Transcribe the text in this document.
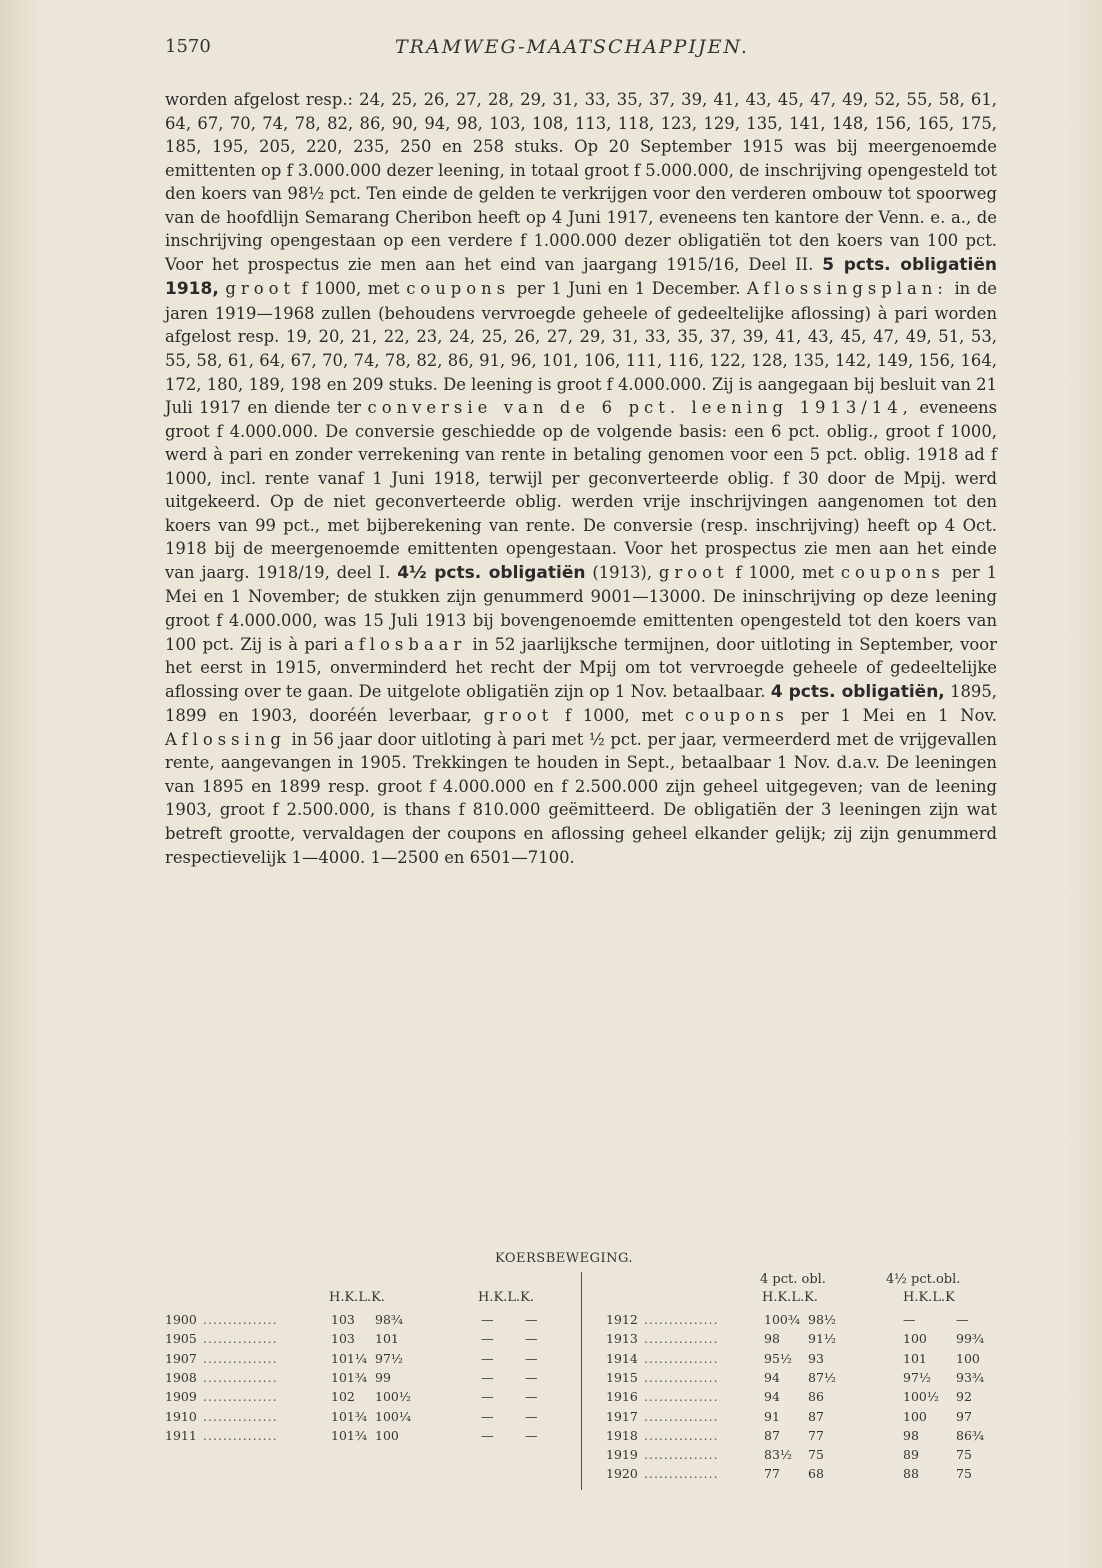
1570	TRAMWEG-MAATSCHAPPIJEN.

worden afgelost resp.: 24, 25, 26, 27, 28, 29, 31, 33, 35, 37, 39, 41, 43, 45, 47, 49, 52, 55, 58, 61, 64, 67, 70, 74, 78, 82, 86, 90, 94, 98, 103, 108, 113, 118, 123, 129, 135, 141, 148, 156, 165, 175, 185, 195, 205, 220, 235, 250 en 258 stuks. Op 20 September 1915 was bij meergenoemde emittenten op f 3.000.000 dezer leening, in totaal groot f 5.000.000, de inschrijving opengesteld tot den koers van 98½ pct. Ten einde de gelden te verkrijgen voor den verderen ombouw tot spoorweg van de hoofdlijn Semarang Cheribon heeft op 4 Juni 1917, eveneens ten kantore der Venn. e. a., de inschrijving opengestaan op een verdere f 1.000.000 dezer obligatiën tot den koers van 100 pct. Voor het prospectus zie men aan het eind van jaargang 1915/16, Deel II. 5 pcts. obligatiën 1918, groot f 1000, met coupons per 1 Juni en 1 December. Aflossingsplan: in de jaren 1919—1968 zullen (behoudens vervroegde geheele of gedeeltelijke aflossing) à pari worden afgelost resp. 19, 20, 21, 22, 23, 24, 25, 26, 27, 29, 31, 33, 35, 37, 39, 41, 43, 45, 47, 49, 51, 53, 55, 58, 61, 64, 67, 70, 74, 78, 82, 86, 91, 96, 101, 106, 111, 116, 122, 128, 135, 142, 149, 156, 164, 172, 180, 189, 198 en 209 stuks. De leening is groot f 4.000.000. Zij is aangegaan bij besluit van 21 Juli 1917 en diende ter conversie van de 6 pct. leening 1913/14, eveneens groot f 4.000.000. De conversie geschiedde op de volgende basis: een 6 pct. oblig., groot f 1000, werd à pari en zonder verrekening van rente in betaling genomen voor een 5 pct. oblig. 1918 ad f 1000, incl. rente vanaf 1 Juni 1918, terwijl per geconverteerde oblig. f 30 door de Mpij. werd uitgekeerd. Op de niet geconverteerde oblig. werden vrije inschrijvingen aangenomen tot den koers van 99 pct., met bijberekening van rente. De conversie (resp. inschrijving) heeft op 4 Oct. 1918 bij de meergenoemde emittenten opengestaan. Voor het prospectus zie men aan het einde van jaarg. 1918/19, deel I. 4½ pcts. obligatiën (1913), groot f 1000, met coupons per 1 Mei en 1 November; de stukken zijn genummerd 9001—13000. De ininschrijving op deze leening groot f 4.000.000, was 15 Juli 1913 bij bovengenoemde emittenten opengesteld tot den koers van 100 pct. Zij is à pari aflosbaar in 52 jaarlijksche termijnen, door uitloting in September, voor het eerst in 1915, onverminderd het recht der Mpij om tot vervroegde geheele of gedeeltelijke aflossing over te gaan. De uitgelote obligatiën zijn op 1 Nov. betaalbaar. 4 pcts. obligatiën, 1895, 1899 en 1903, dooréén leverbaar, groot f 1000, met coupons per 1 Mei en 1 Nov. Aflossing in 56 jaar door uitloting à pari met ½ pct. per jaar, vermeerderd met de vrijgevallen rente, aangevangen in 1905. Trekkingen te houden in Sept., betaalbaar 1 Nov. d.a.v. De leeningen van 1895 en 1899 resp. groot f 4.000.000 en f 2.500.000 zijn geheel uitgegeven; van de leening 1903, groot f 2.500.000, is thans f 810.000 geëmitteerd. De obligatiën der 3 leeningen zijn wat betreft grootte, vervaldagen der coupons en aflossing geheel elkander gelijk; zij zijn genummerd respectievelijk 1—4000. 1—2500 en 6501—7100.

KOERSBEWEGING.
H.K.L.K.	H.K.L.K.
1900 ...............	103 98¾	—	—
1905 ...............	103 101	—	—
1907 ...............	101¼ 97½	—	—
1908 ...............	101¾ 99	—	—
1909 ...............	102 100½	—	—
1910 ...............	101¾ 100¼	—	—
1911 ...............	101¾ 100	—	—
4 pct. obl.	4½ pct.obl.
H.K.L.K.	H.K.L.K
1912 ...............	100¾ 98½	—	—
1913 ...............	98 91½	100 99¾
1914 ...............	95½ 93	101 100
1915 ...............	94 87½	97½ 93¾
1916 ...............	94 86	100½ 92
1917 ...............	91 87	100 97
1918 ...............	87 77	98	86¾
1919 ...............	83½ 75	89	75
1920 ...............	77 68	88	75
